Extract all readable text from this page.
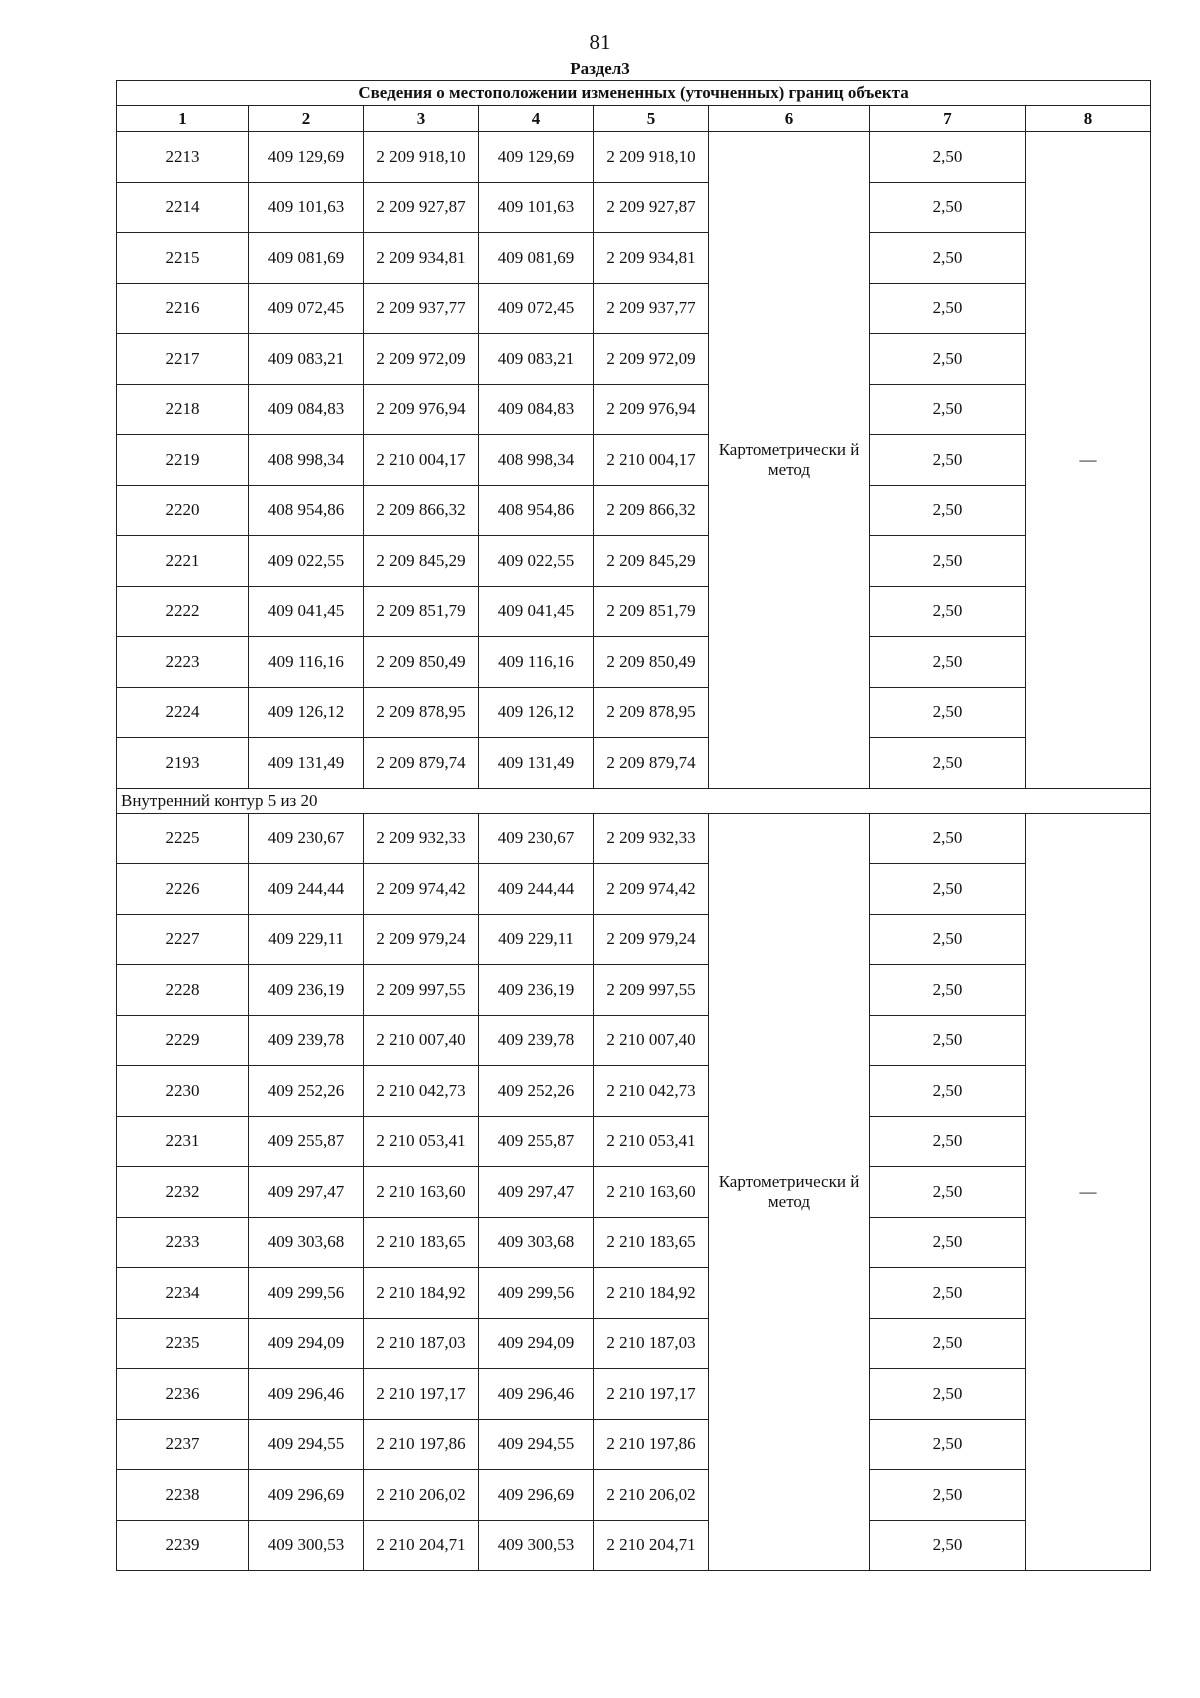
81
Раздел3
Сведения о местоположении измененных (уточненных) границ объекта							
1	2	3	4	5	6	7	8
2213	409 129,69	2 209 918,10	409 129,69	2 209 918,10	Картометрически й метод	2,50	—
2214	409 101,63	2 209 927,87	409 101,63	2 209 927,87		2,50	
2215	409 081,69	2 209 934,81	409 081,69	2 209 934,81		2,50	
2216	409 072,45	2 209 937,77	409 072,45	2 209 937,77		2,50	
2217	409 083,21	2 209 972,09	409 083,21	2 209 972,09		2,50	
2218	409 084,83	2 209 976,94	409 084,83	2 209 976,94		2,50	
2219	408 998,34	2 210 004,17	408 998,34	2 210 004,17		2,50	
2220	408 954,86	2 209 866,32	408 954,86	2 209 866,32		2,50	
2221	409 022,55	2 209 845,29	409 022,55	2 209 845,29		2,50	
2222	409 041,45	2 209 851,79	409 041,45	2 209 851,79		2,50	
2223	409 116,16	2 209 850,49	409 116,16	2 209 850,49		2,50	
2224	409 126,12	2 209 878,95	409 126,12	2 209 878,95		2,50	
2193	409 131,49	2 209 879,74	409 131,49	2 209 879,74		2,50	
Внутренний контур 5 из 20							
2225	409 230,67	2 209 932,33	409 230,67	2 209 932,33	Картометрически й метод	2,50	—
2226	409 244,44	2 209 974,42	409 244,44	2 209 974,42		2,50	
2227	409 229,11	2 209 979,24	409 229,11	2 209 979,24		2,50	
2228	409 236,19	2 209 997,55	409 236,19	2 209 997,55		2,50	
2229	409 239,78	2 210 007,40	409 239,78	2 210 007,40		2,50	
2230	409 252,26	2 210 042,73	409 252,26	2 210 042,73		2,50	
2231	409 255,87	2 210 053,41	409 255,87	2 210 053,41		2,50	
2232	409 297,47	2 210 163,60	409 297,47	2 210 163,60		2,50	
2233	409 303,68	2 210 183,65	409 303,68	2 210 183,65		2,50	
2234	409 299,56	2 210 184,92	409 299,56	2 210 184,92		2,50	
2235	409 294,09	2 210 187,03	409 294,09	2 210 187,03		2,50	
2236	409 296,46	2 210 197,17	409 296,46	2 210 197,17		2,50	
2237	409 294,55	2 210 197,86	409 294,55	2 210 197,86		2,50	
2238	409 296,69	2 210 206,02	409 296,69	2 210 206,02		2,50	
2239	409 300,53	2 210 204,71	409 300,53	2 210 204,71		2,50	
